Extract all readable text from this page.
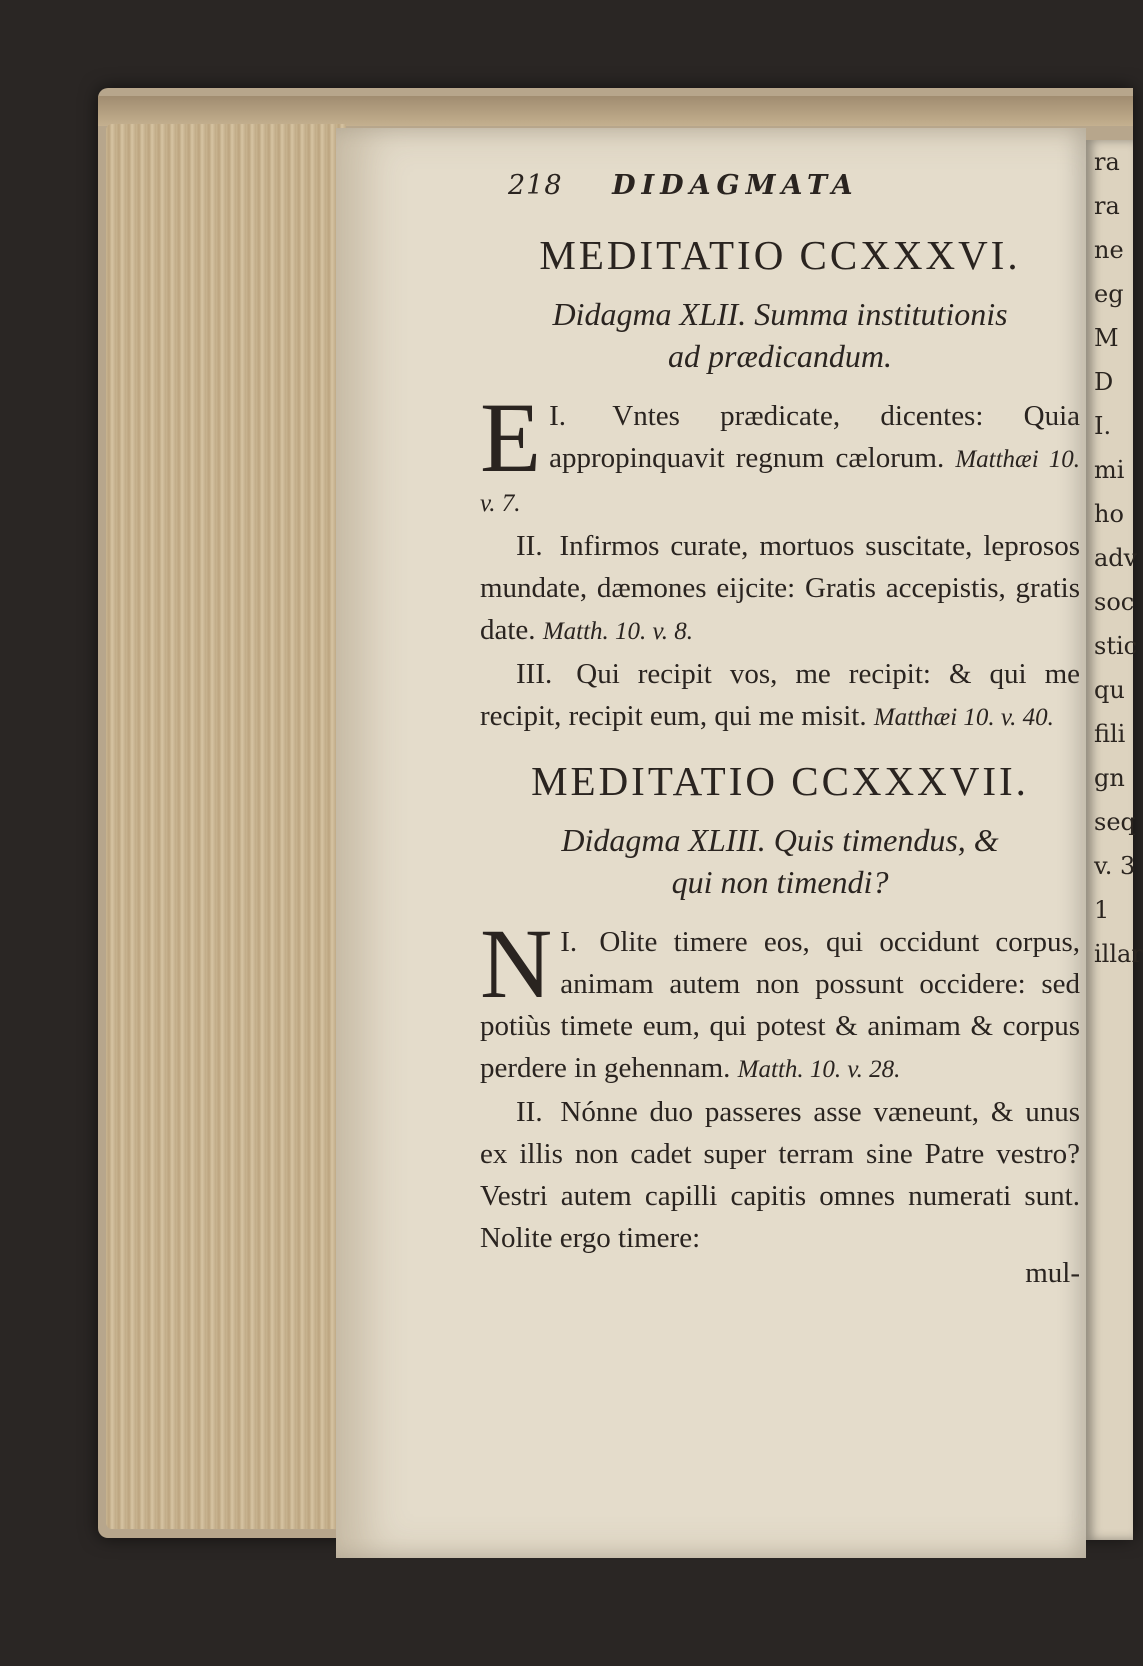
ra
ra
ne
eg
M
D
I.
mi
ho
adv
soc
stic
qu
fili
gn
seq
v. 3
1
illar
218 DIDAGMATA
MEDITATIO CCXXXVI.
Didagma XLII. Summa institutionis
ad prædicandum.

I.
E Vntes prædicate, dicentes: Quia appropinquavit regnum cælorum. Matthæi 10. v. 7.

II. Infirmos curate, mortuos suscitate, leprosos mundate, dæmones eijcite: Gratis accepistis, gratis date. Matth. 10. v. 8.

III. Qui recipit vos, me recipit: & qui me recipit, recipit eum, qui me misit. Matthæi 10. v. 40.

MEDITATIO CCXXXVII.
Didagma XLIII. Quis timendus, &
qui non timendi?

I.
N Olite timere eos, qui occidunt corpus, animam autem non possunt occidere: sed potiùs timete eum, qui potest & animam & corpus perdere in gehennam. Matth. 10. v. 28.

II. Nónne duo passeres asse væneunt, & unus ex illis non cadet super terram sine Patre vestro? Vestri autem capilli capitis omnes numerati sunt. Nolite ergo timere:

mul-
